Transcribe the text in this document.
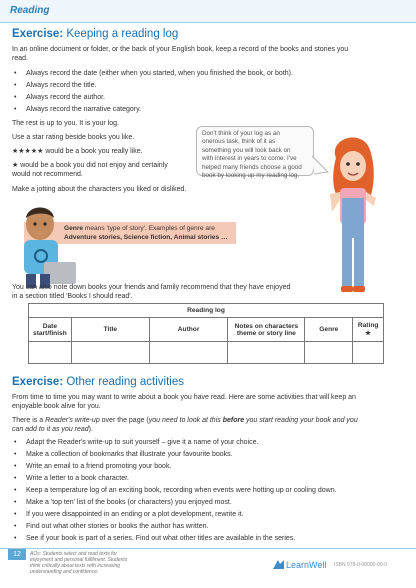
Reading
Exercise: Keeping a reading log
In an online document or folder, or the back of your English book, keep a record of the books and stories you
read.
• Always record the date (either when you started, when you finished the book, or both).
• Always record the title.
• Always record the author.
• Always record the narrative category.
The rest is up to you. It is your log.
Use a star rating beside books you like.
★★★★★ would be a book you really like.
★ would be a book you did not enjoy and certainly
would not recommend.
Make a jotting about the characters you liked or disliked.
Don't think of your log as an
onerous task, think of it as
something you will look back on
with interest in years to come. I've
helped many friends choose a good
book by looking up my reading log.
Genre means 'type of story'. Examples of genre are
Adventure stories, Science fiction, Animal stories …
You can also note down books your friends and family recommend that they have enjoyed
in a section titled 'Books I should read'.
Reading log					
Date start/finish	Title	Author	Notes on characters theme or story line	Genre	Rating ★

Exercise: Other reading activities
From time to time you may want to write about a book you have read. Here are some activities that will keep an
enjoyable book alive for you.
There is a Reader's write-up over the page (you need to look at this before you start reading your book and you
can add to it as you read).
• Adapt the Reader's write-up to suit yourself – give it a name of your choice.
• Make a collection of bookmarks that illustrate your favourite books.
• Write an email to a friend promoting your book.
• Write a letter to a book character.
• Keep a temperature log of an exciting book, recording when events were hotting up or cooling down.
• Make a 'top ten' list of the books (or characters) you enjoyed most.
• If you were disappointed in an ending or a plot development, rewrite it.
• Find out what other stories or books the author has written.
• See if your book is part of a series. Find out what other titles are available in the series.
12	AOs: Students select and read texts for
enjoyment and personal fulfilment. Students
think critically about texts with increasing
understanding and confidence.
LearnWell ISBN 978-0-00000-00-0
